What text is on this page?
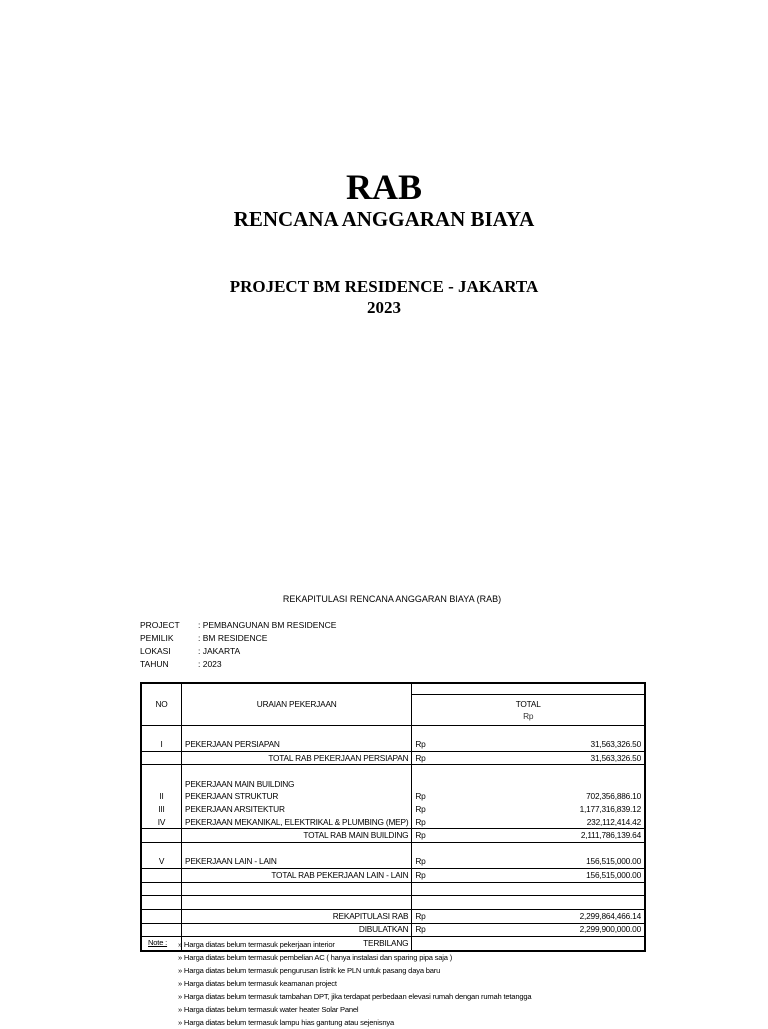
RAB
RENCANA ANGGARAN BIAYA
PROJECT BM RESIDENCE - JAKARTA
2023
REKAPITULASI RENCANA ANGGARAN BIAYA (RAB)
PROJECT : PEMBANGUNAN BM RESIDENCE
PEMILIK	: BM RESIDENCE
LOKASI	: JAKARTA
TAHUN	: 2023
NO	URAIAN PEKERJAAN		
		TOTAL	
		Rp	

I	PEKERJAAN PERSIAPAN	Rp	31,563,326.50
	TOTAL RAB PEKERJAAN PERSIAPAN	Rp	31,563,326.50

	PEKERJAAN MAIN BUILDING		
II	PEKERJAAN STRUKTUR	Rp	702,356,886.10
III	PEKERJAAN ARSITEKTUR	Rp	1,177,316,839.12
IV	PEKERJAAN MEKANIKAL, ELEKTRIKAL & PLUMBING (MEP)	Rp	232,112,414.42
	TOTAL RAB MAIN BUILDING	Rp	2,111,786,139.64

V	PEKERJAAN LAIN - LAIN	Rp	156,515,000.00
	TOTAL RAB PEKERJAAN LAIN - LAIN	Rp	156,515,000.00

	REKAPITULASI RAB	Rp	2,299,864,466.14
	DIBULATKAN	Rp	2,299,900,000.00
	TERBILANG		
Note : » Harga diatas belum termasuk pekerjaan interior
» Harga diatas belum termasuk pembelian AC ( hanya instalasi dan sparing pipa saja )
» Harga diatas belum termasuk pengurusan listrik ke PLN untuk pasang daya baru
» Harga diatas belum termasuk keamanan project
» Harga diatas belum termasuk tambahan DPT, jika terdapat perbedaan elevasi rumah dengan rumah tetangga
» Harga diatas belum termasuk water heater Solar Panel
» Harga diatas belum termasuk lampu hias gantung atau sejenisnya
